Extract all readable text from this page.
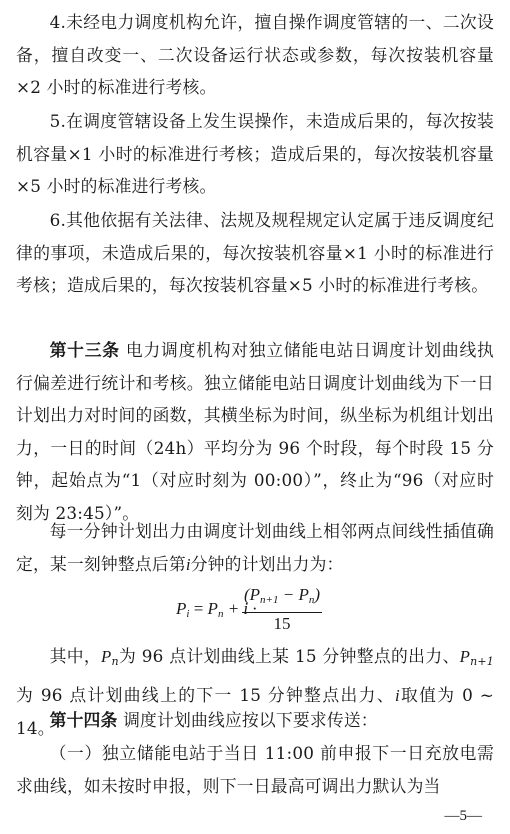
4.未经电力调度机构允许，擅自操作调度管辖的一、二次设备，擅自改变一、二次设备运行状态或参数，每次按装机容量×2 小时的标准进行考核。

5.在调度管辖设备上发生误操作，未造成后果的，每次按装机容量×1 小时的标准进行考核；造成后果的，每次按装机容量×5 小时的标准进行考核。

6.其他依据有关法律、法规及规程规定认定属于违反调度纪律的事项，未造成后果的，每次按装机容量×1 小时的标准进行考核；造成后果的，每次按装机容量×5 小时的标准进行考核。

第十三条 电力调度机构对独立储能电站日调度计划曲线执行偏差进行统计和考核。独立储能电站日调度计划曲线为下一日计划出力对时间的函数，其横坐标为时间，纵坐标为机组计划出力，一日的时间（24h）平均分为 96 个时段，每个时段 15 分钟，起始点为“1（对应时刻为 00:00）”，终止为“96（对应时刻为 23:45）”。

每一分钟计划出力由调度计划曲线上相邻两点间线性插值确定，某一刻钟整点后第i分钟的计划出力为：

$P_i = P_n + i$ ·
$(P_{n+1} - P_n)$
15

其中，$P_n$为 96 点计划曲线上某 15 分钟整点的出力、$P_{n+1}$为 96 点计划曲线上的下一 15 分钟整点出力、i取值为 0 ~ 14。

第十四条 调度计划曲线应按以下要求传送：

（一）独立储能电站于当日 11:00 前申报下一日充放电需求曲线，如未按时申报，则下一日最高可调出力默认为当

—5—
